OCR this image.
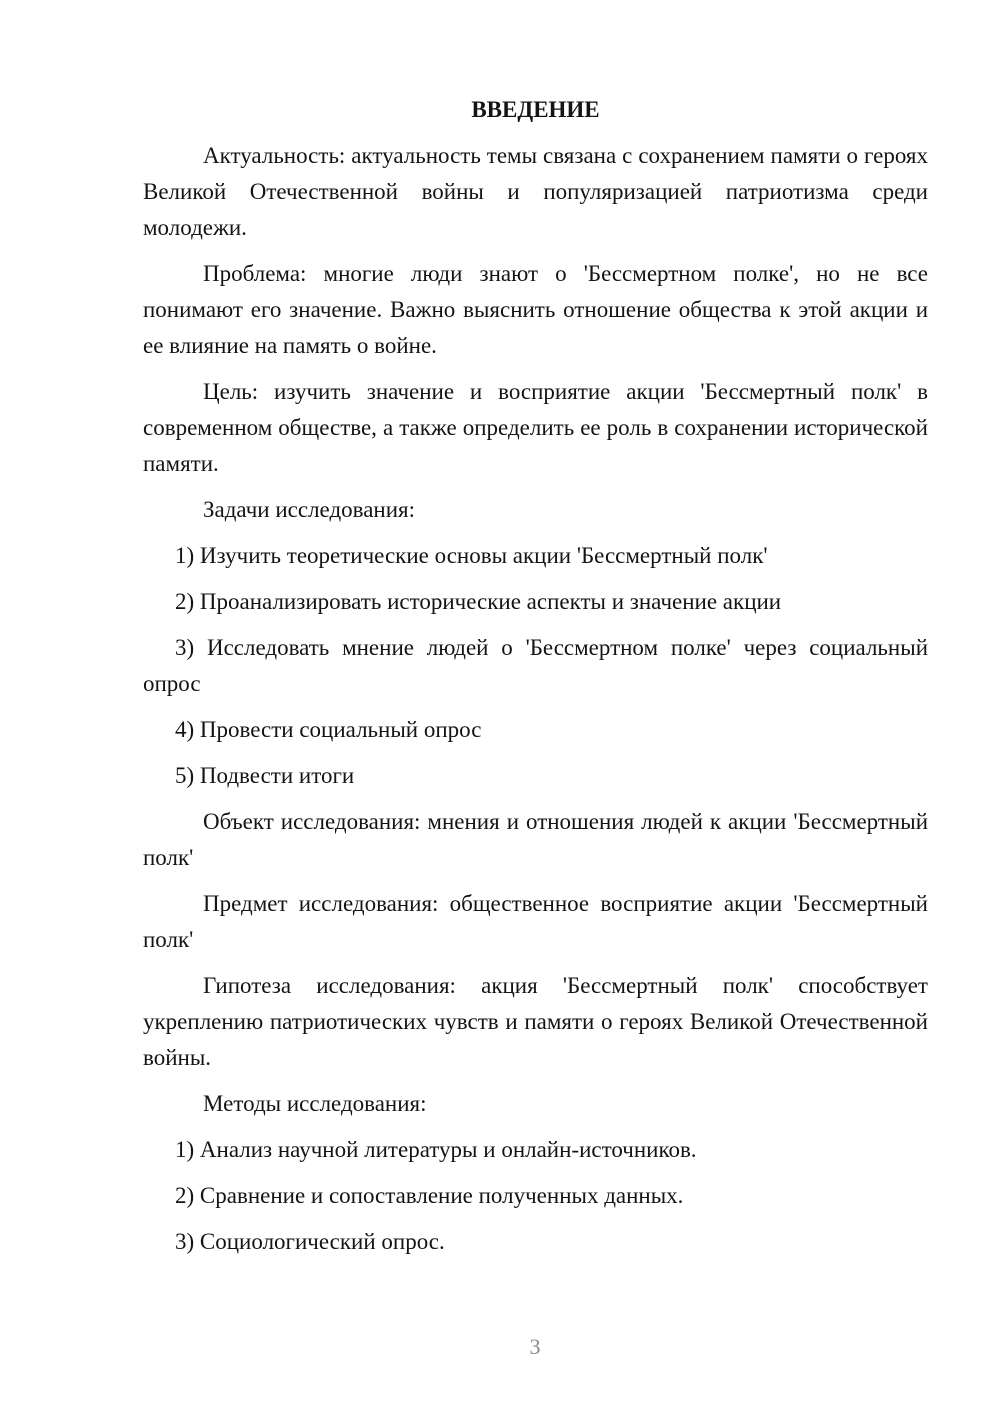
ВВЕДЕНИЕ

Актуальность: актуальность темы связана с сохранением памяти о героях Великой Отечественной войны и популяризацией патриотизма среди молодежи.

Проблема: многие люди знают о 'Бессмертном полке', но не все понимают его значение. Важно выяснить отношение общества к этой акции и ее влияние на память о войне.

Цель: изучить значение и восприятие акции 'Бессмертный полк' в современном обществе, а также определить ее роль в сохранении исторической памяти.

Задачи исследования:

1) Изучить теоретические основы акции 'Бессмертный полк'

2) Проанализировать исторические аспекты и значение акции

3) Исследовать мнение людей о 'Бессмертном полке' через социальный опрос

4) Провести социальный опрос

5) Подвести итоги

Объект исследования: мнения и отношения людей к акции 'Бессмертный полк'

Предмет исследования: общественное восприятие акции 'Бессмертный полк'

Гипотеза исследования: акция 'Бессмертный полк' способствует укреплению патриотических чувств и памяти о героях Великой Отечественной войны.

Методы исследования:

1) Анализ научной литературы и онлайн-источников.

2) Сравнение и сопоставление полученных данных.

3) Социологический опрос.

3
